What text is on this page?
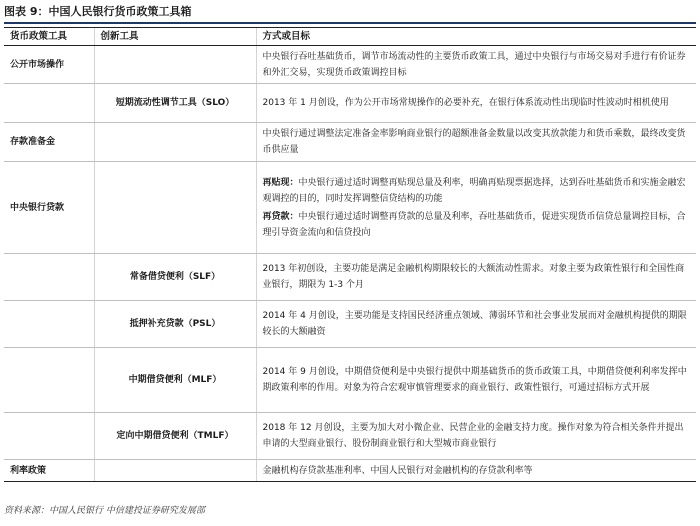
图表 9：中国人民银行货币政策工具箱
货币政策工具	创新工具	方式或目标
公开市场操作		中央银行吞吐基础货币，调节市场流动性的主要货币政策工具，通过中央银行与市场交易对手进行有价证券和外汇交易，实现货币政策调控目标
	短期流动性调节工具（SLO）	2013 年 1 月创设，作为公开市场常规操作的必要补充，在银行体系流动性出现临时性波动时相机使用
存款准备金		中央银行通过调整法定准备金率影响商业银行的超额准备金数量以改变其放款能力和货币乘数，最终改变货币供应量
中央银行贷款		再贴现：中央银行通过适时调整再贴现总量及利率，明确再贴现票据选择，达到吞吐基础货币和实施金融宏观调控的目的，同时发挥调整信贷结构的功能
再贷款：中央银行通过适时调整再贷款的总量及利率，吞吐基础货币，促进实现货币信贷总量调控目标，合理引导资金流向和信贷投向

	常备借贷便利（SLF）	2013 年初创设，主要功能是满足金融机构期限较长的大额流动性需求。对象主要为政策性银行和全国性商业银行，期限为 1-3 个月
	抵押补充贷款（PSL）	2014 年 4 月创设，主要功能是支持国民经济重点领域、薄弱环节和社会事业发展而对金融机构提供的期限较长的大额融资
	中期借贷便利（MLF）	2014 年 9 月创设，中期借贷便利是中央银行提供中期基础货币的货币政策工具，中期借贷便利利率发挥中期政策利率的作用。对象为符合宏观审慎管理要求的商业银行、政策性银行，可通过招标方式开展
	定向中期借贷便利（TMLF）	2018 年 12 月创设，主要为加大对小微企业、民营企业的金融支持力度。操作对象为符合相关条件并提出申请的大型商业银行、股份制商业银行和大型城市商业银行
利率政策		金融机构存贷款基准利率、中国人民银行对金融机构的存贷款利率等
资料来源：中国人民银行 中信建投证券研究发展部
